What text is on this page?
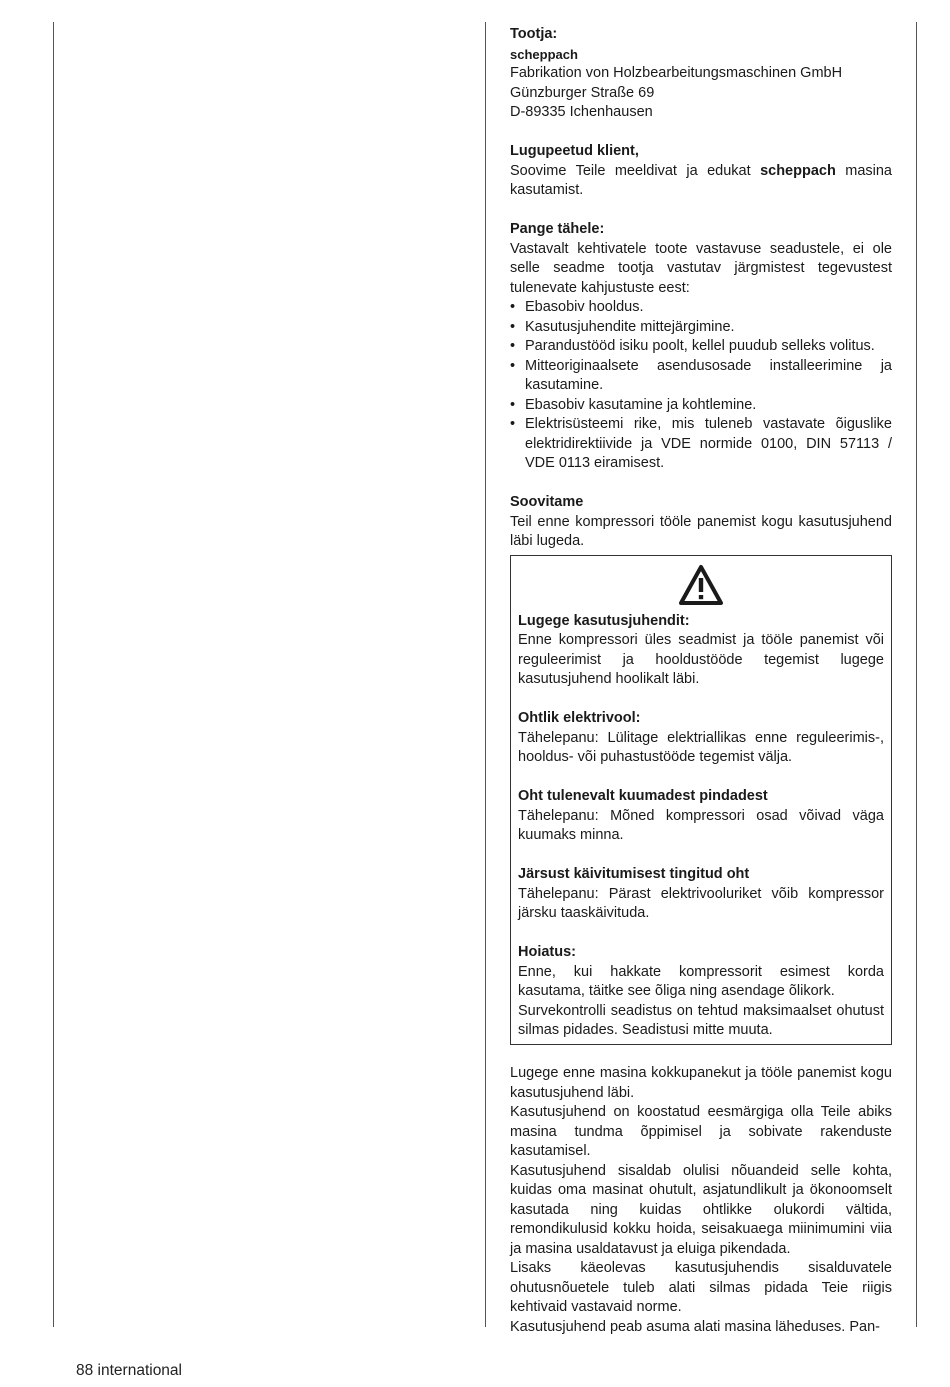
Tootja:

scheppach

Fabrikation von Holzbearbeitungsmaschinen GmbH

Günzburger Straße 69

D-89335 Ichenhausen

Lugupeetud klient,

Soovime Teile meeldivat ja edukat scheppach masina kasutamist.

Pange tähele:

Vastavalt kehtivatele toote vastavuse seadustele, ei ole selle seadme tootja vastutav järgmistest tegevustest tulenevate kahjustuste eest:

• Ebasobiv hooldus.
• Kasutusjuhendite mittejärgimine.
• Parandustööd isiku poolt, kellel puudub selleks volitus.
• Mitteoriginaalsete asendusosade installeerimine ja kasutamine.
• Ebasobiv kasutamine ja kohtlemine.
• Elektrisüsteemi rike, mis tuleneb vastavate õiguslike elektridirektiivide ja VDE normide 0100, DIN 57113 / VDE 0113 eiramisest.

Soovitame

Teil enne kompressori tööle panemist kogu kasutusjuhend läbi lugeda.

Lugege kasutusjuhendit:

Enne kompressori üles seadmist ja tööle panemist või reguleerimist ja hooldustööde tegemist lugege kasutusjuhend hoolikalt läbi.

Ohtlik elektrivool:

Tähelepanu: Lülitage elektriallikas enne reguleerimis-, hooldus- või puhastustööde tegemist välja.

Oht tulenevalt kuumadest pindadest

Tähelepanu: Mõned kompressori osad võivad väga kuumaks minna.

Järsust käivitumisest tingitud oht

Tähelepanu: Pärast elektrivooluriket võib kompressor järsku taaskäivituda.

Hoiatus:

Enne, kui hakkate kompressorit esimest korda kasutama, täitke see õliga ning asendage õlikork.

Survekontrolli seadistus on tehtud maksimaalset ohutust silmas pidades. Seadistusi mitte muuta.

Lugege enne masina kokkupanekut ja tööle panemist kogu kasutusjuhend läbi.

Kasutusjuhend on koostatud eesmärgiga olla Teile abiks masina tundma õppimisel ja sobivate rakenduste kasutamisel.

Kasutusjuhend sisaldab olulisi nõuandeid selle kohta, kuidas oma masinat ohutult, asjatundlikult ja ökonoomselt kasutada ning kuidas ohtlikke olukordi vältida, remondikulusid kokku hoida, seisakuaega miinimumini viia ja masina usaldatavust ja eluiga pikendada.

Lisaks käeolevas kasutusjuhendis sisalduvatele ohutusnõuetele tuleb alati silmas pidada Teie riigis kehtivaid vastavaid norme.

Kasutusjuhend peab asuma alati masina läheduses. Pan-

88 international
